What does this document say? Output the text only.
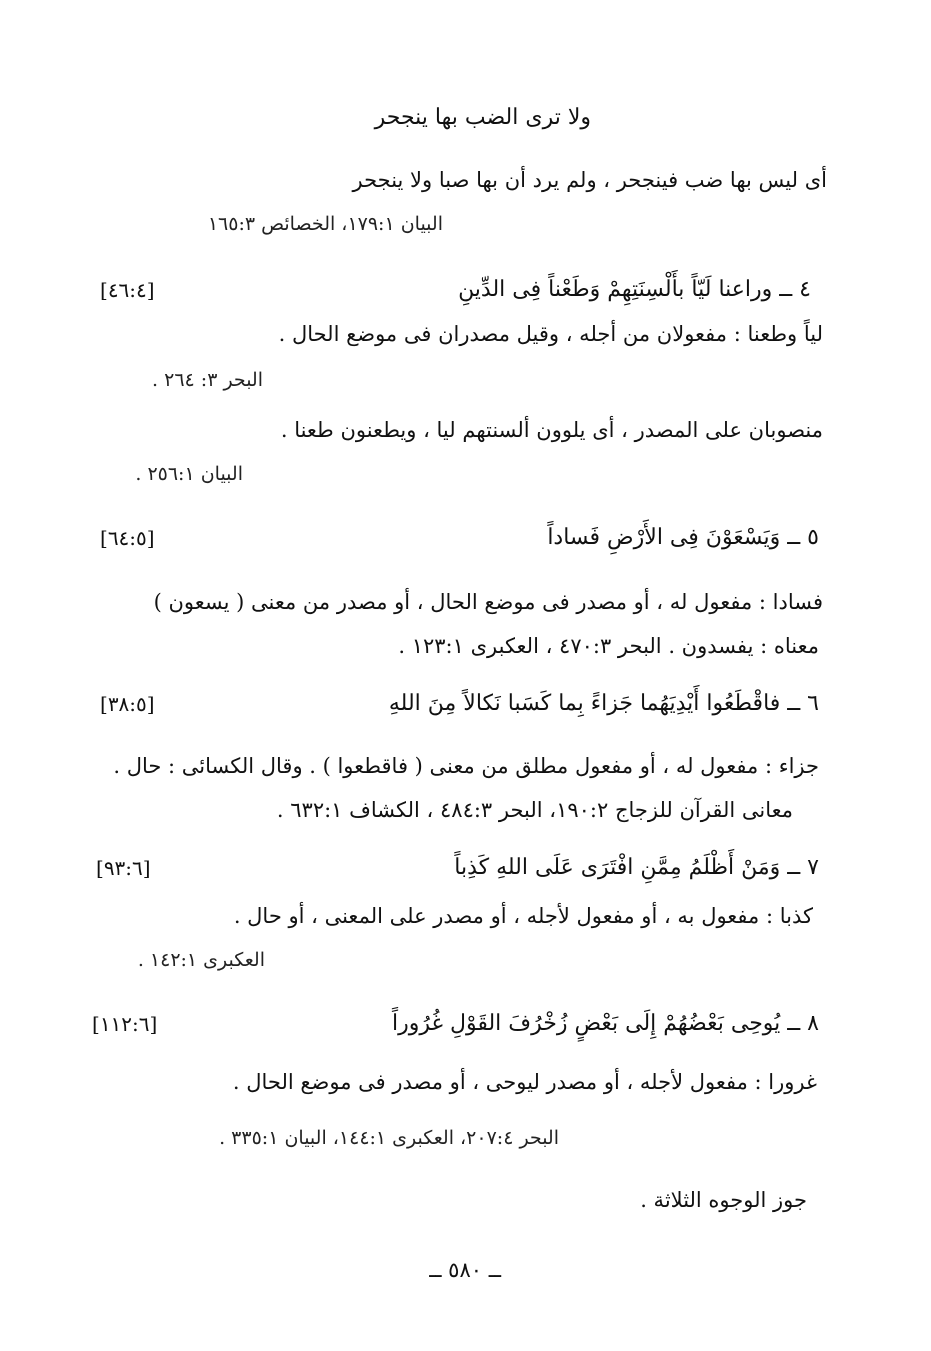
ولا ترى الضب بها ينجحر
أى ليس بها ضب فينجحر ، ولم يرد أن بها صبا ولا ينجحر
البيان ١٧٩:١، الخصائص ١٦٥:٣
٤ ــ وراعنا لَيّاً بأَلْسِنَتِهِمْ وَطَعْناً فِى الدِّينِ
[٤٦:٤]
لياً وطعنا : مفعولان من أجله ، وقيل مصدران فى موضع الحال .
البحر ٣: ٢٦٤ .
منصوبان على المصدر ، أى يلوون ألسنتهم ليا ، ويطعنون طعنا .
البيان ٢٥٦:١ .
٥ ــ وَيَسْعَوْنَ فِى الأَرْضِ فَساداً
[٦٤:٥]
فسادا : مفعول له ، أو مصدر فى موضع الحال ، أو مصدر من معنى ( يسعون )
معناه : يفسدون . البحر ٤٧٠:٣ ، العكبرى ١٢٣:١ .
٦ ــ فاقْطَعُوا أَيْدِيَهُما جَزاءً بِما كَسَبا نَكالاً مِنَ اللهِ
[٣٨:٥]
جزاء : مفعول له ، أو مفعول مطلق من معنى ( فاقطعوا ) . وقال الكسائى : حال .
معانى القرآن للزجاج ١٩٠:٢، البحر ٤٨٤:٣ ، الكشاف ٦٣٢:١ .
٧ ــ وَمَنْ أَظْلَمُ مِمَّنِ افْتَرَى عَلَى اللهِ كَذِباً
[٩٣:٦]
كذبا : مفعول به ، أو مفعول لأجله ، أو مصدر على المعنى ، أو حال .
العكبرى ١٤٢:١ .
٨ ــ يُوحِى بَعْضُهُمْ إِلَى بَعْضٍ زُخْرُفَ القَوْلِ غُرُوراً
[١١٢:٦]
غرورا : مفعول لأجله ، أو مصدر ليوحى ، أو مصدر فى موضع الحال .
البحر ٢٠٧:٤، العكبرى ١٤٤:١، البيان ٣٣٥:١ .
جوز الوجوه الثلاثة .
ــ ٥٨٠ ــ
